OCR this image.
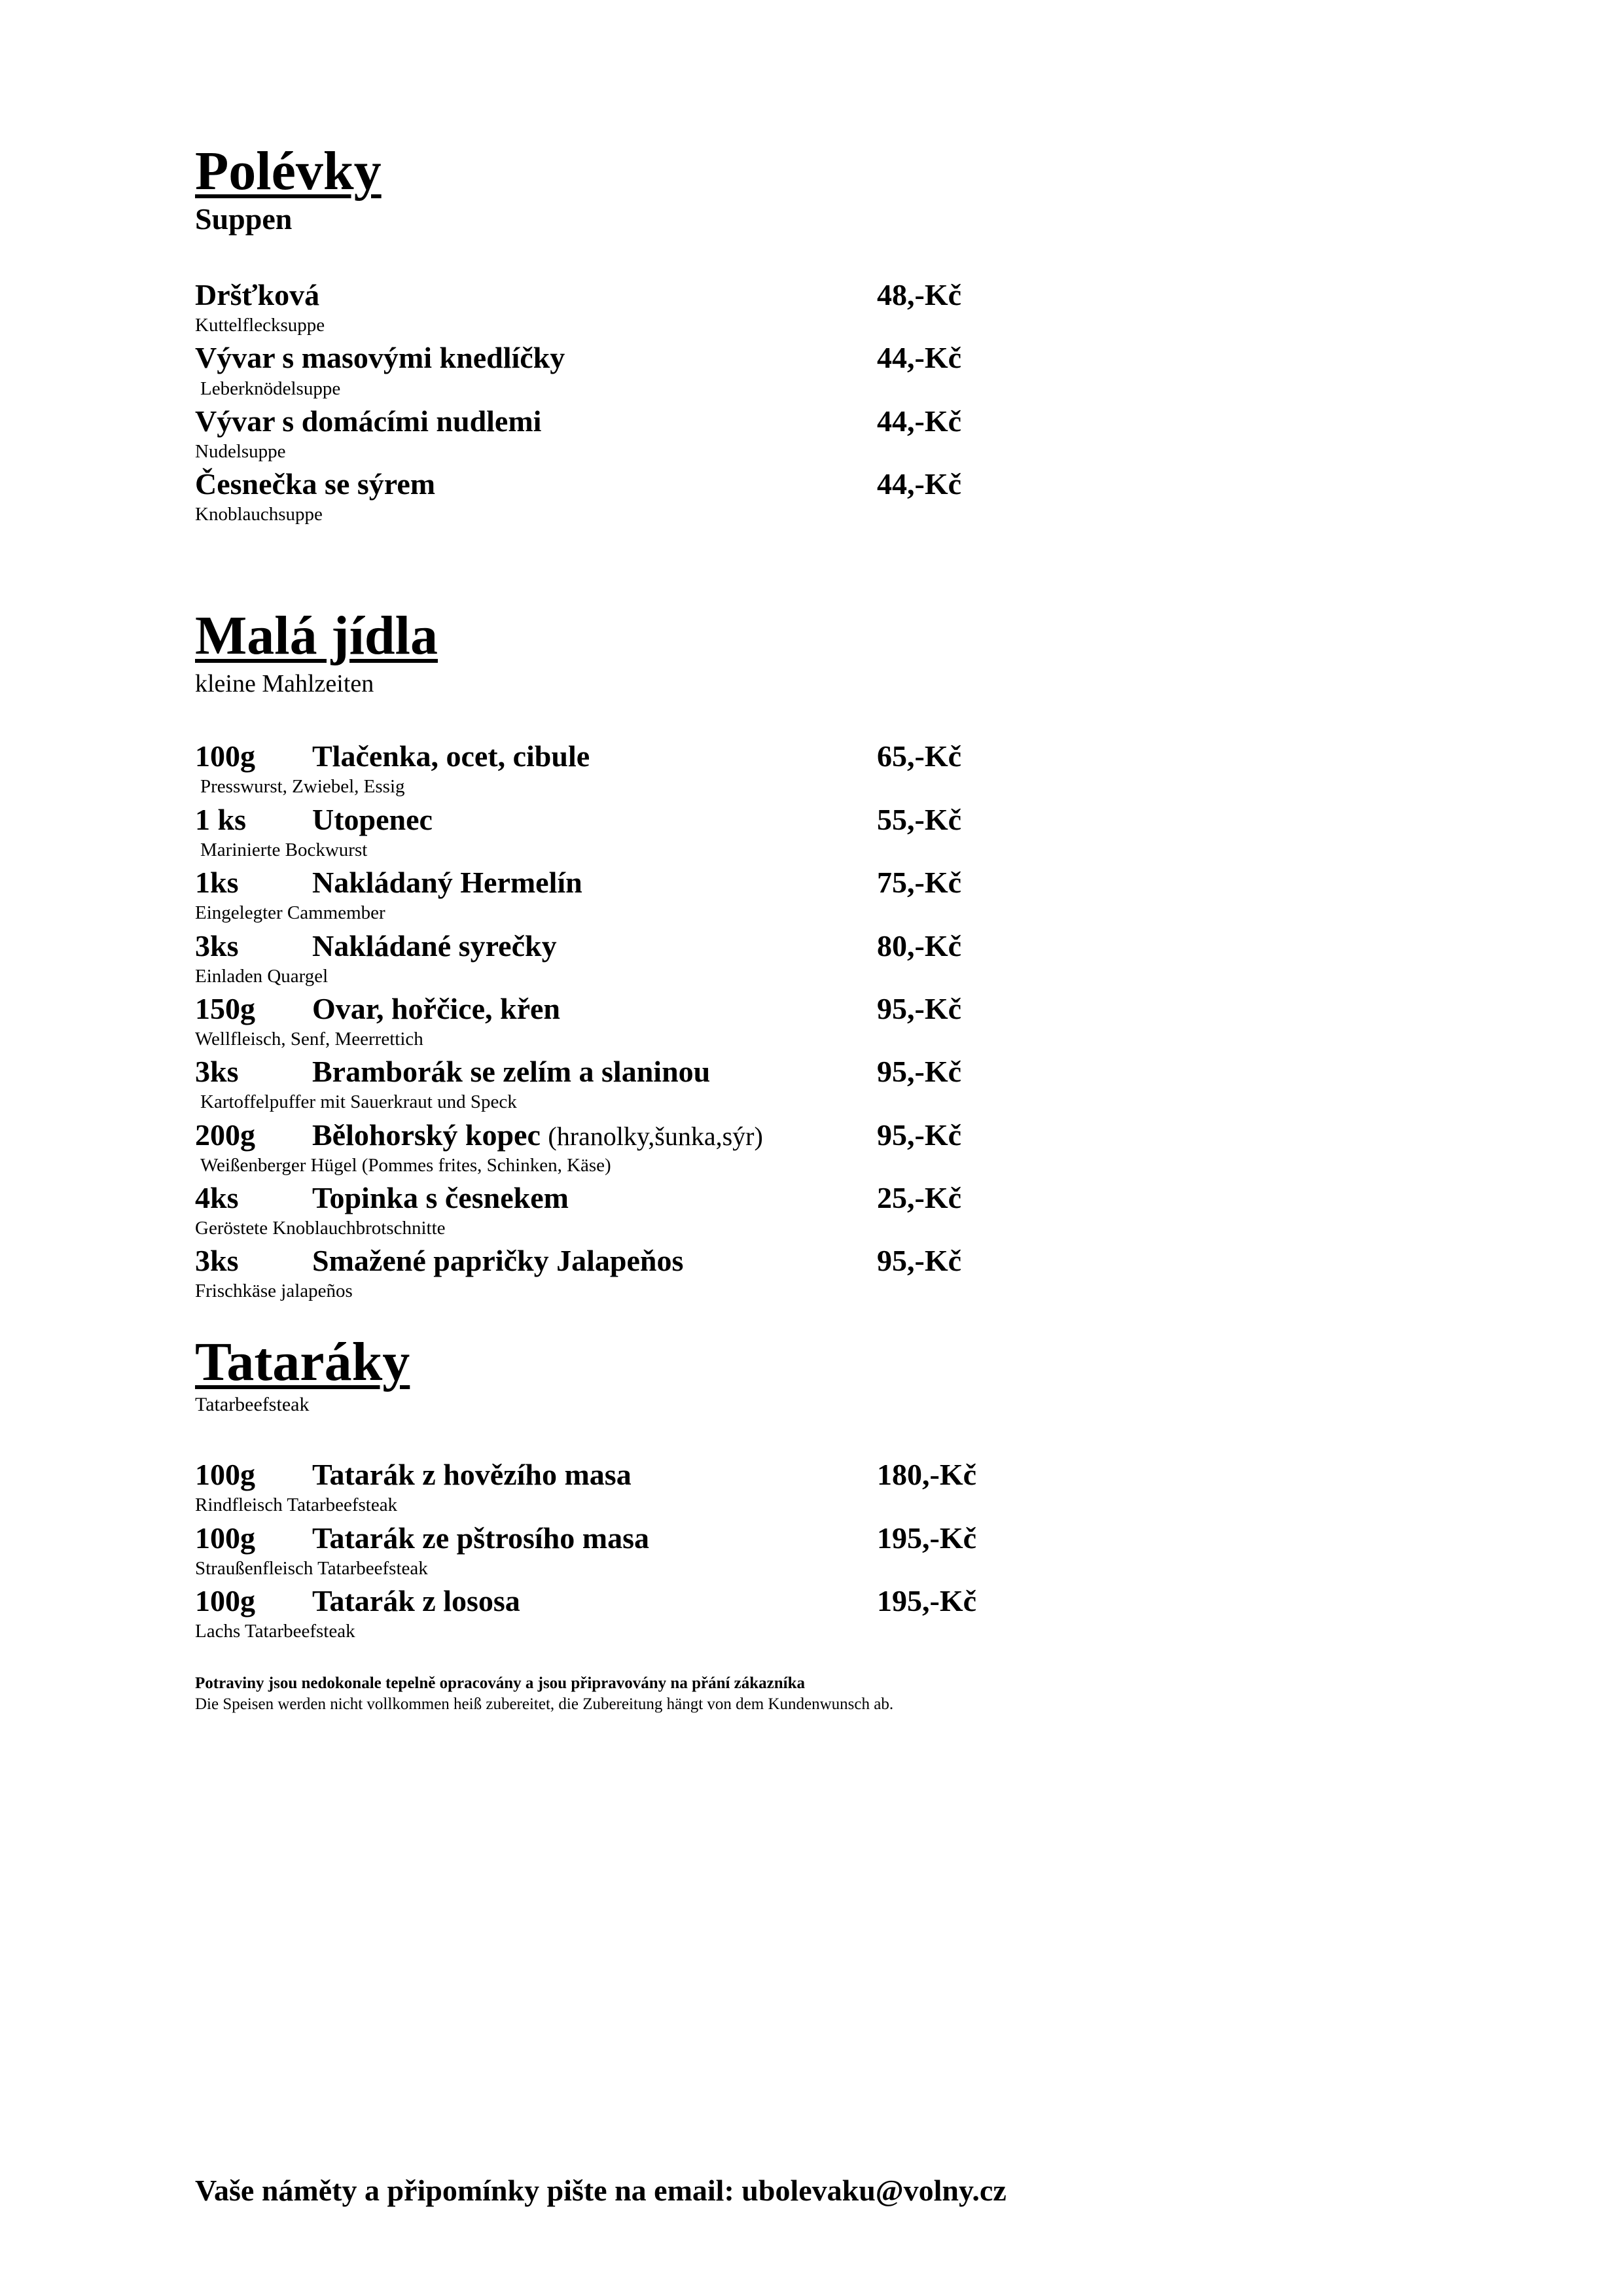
Polévky
Suppen
Dršťková	48,-Kč
Kuttelflecksuppe
Vývar s masovými knedlíčky	44,-Kč
Leberknödelsuppe
Vývar s domácími nudlemi	44,-Kč
Nudelsuppe
Česnečka se sýrem	44,-Kč
Knoblauchsuppe
Malá jídla
kleine Mahlzeiten
100g Tlačenka, ocet, cibule	65,-Kč
Presswurst, Zwiebel, Essig
1 ks Utopenec	55,-Kč
Marinierte Bockwurst
1ks Nakládaný Hermelín	75,-Kč
Eingelegter Cammember
3ks Nakládané syrečky	80,-Kč
Einladen Quargel
150g Ovar, hořčice, křen	95,-Kč
Wellfleisch, Senf, Meerrettich
3ks Bramborák se zelím a slaninou	95,-Kč
Kartoffelpuffer mit Sauerkraut und Speck
200g Bělohorský kopec (hranolky,šunka,sýr)	95,-Kč
Weißenberger Hügel (Pommes frites, Schinken, Käse)
4ks Topinka s česnekem	25,-Kč
Geröstete Knoblauchbrotschnitte
3ks Smažené papričky Jalapeňos	95,-Kč
Frischkäse jalapeños
Tataráky
Tatarbeefsteak
100g Tatarák z hovězího masa	180,-Kč
Rindfleisch Tatarbeefsteak
100g Tatarák ze pštrosího masa	195,-Kč
Straußenfleisch Tatarbeefsteak
100g Tatarák z lososa	195,-Kč
Lachs Tatarbeefsteak
Potraviny jsou nedokonale tepelně opracovány a jsou připravovány na přání zákazníka
Die Speisen werden nicht vollkommen heiß zubereitet, die Zubereitung hängt von dem Kundenwunsch ab.
Vaše náměty a připomínky pište na email: ubolevaku@volny.cz
